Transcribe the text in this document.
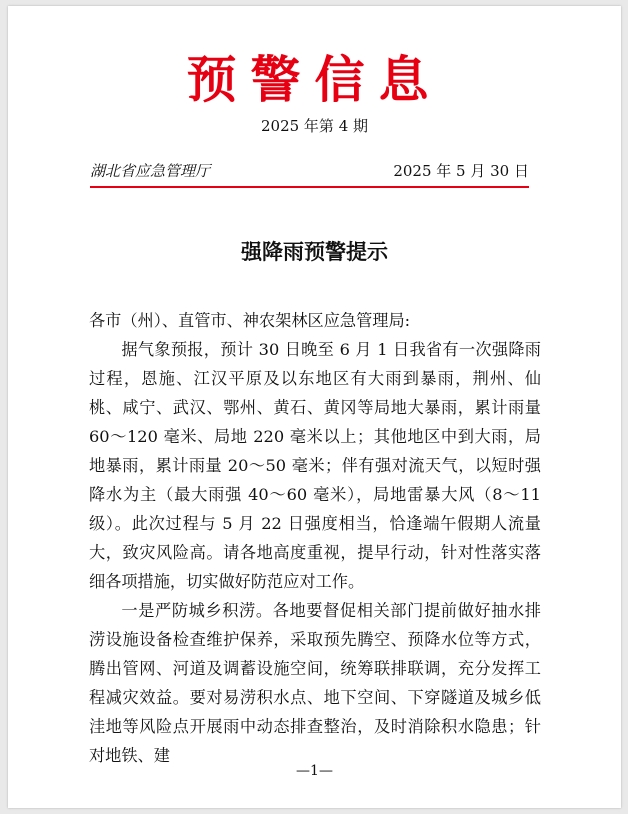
预警信息
2025 年第 4 期
湖北省应急管理厅	2025 年 5 月 30 日
强降雨预警提示

各市（州）、直管市、神农架林区应急管理局:

据气象预报，预计 30 日晚至 6 月 1 日我省有一次强降雨过程，恩施、江汉平原及以东地区有大雨到暴雨，荆州、仙桃、咸宁、武汉、鄂州、黄石、黄冈等局地大暴雨，累计雨量 60～120 毫米、局地 220 毫米以上；其他地区中到大雨，局地暴雨，累计雨量 20～50 毫米；伴有强对流天气，以短时强降水为主（最大雨强 40～60 毫米），局地雷暴大风（8～11 级）。此次过程与 5 月 22 日强度相当，恰逢端午假期人流量大，致灾风险高。请各地高度重视，提早行动，针对性落实落细各项措施，切实做好防范应对工作。

一是严防城乡积涝。各地要督促相关部门提前做好抽水排涝设施设备检查维护保养，采取预先腾空、预降水位等方式，腾出管网、河道及调蓄设施空间，统筹联排联调，充分发挥工程减灾效益。要对易涝积水点、地下空间、下穿隧道及城乡低洼地等风险点开展雨中动态排查整治，及时消除积水隐患；针对地铁、建

—1—
